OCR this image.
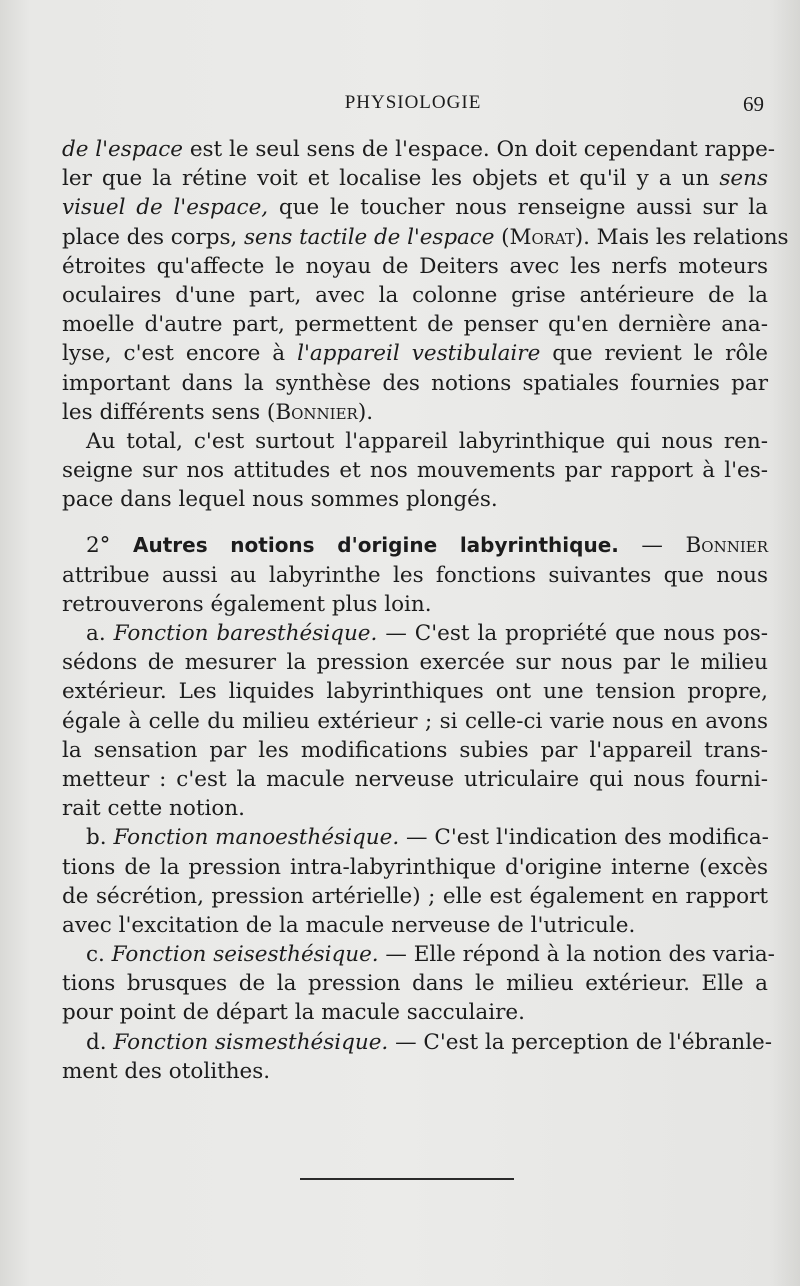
PHYSIOLOGIE	69
de l'espace est le seul sens de l'espace. On doit cependant rappe-
ler que la rétine voit et localise les objets et qu'il y a un sens
visuel de l'espace, que le toucher nous renseigne aussi sur la
place des corps, sens tactile de l'espace (Morat). Mais les relations
étroites qu'affecte le noyau de Deiters avec les nerfs moteurs
oculaires d'une part, avec la colonne grise antérieure de la
moelle d'autre part, permettent de penser qu'en dernière ana-
lyse, c'est encore à l'appareil vestibulaire que revient le rôle
important dans la synthèse des notions spatiales fournies par
les différents sens (Bonnier).
Au total, c'est surtout l'appareil labyrinthique qui nous ren-
seigne sur nos attitudes et nos mouvements par rapport à l'es-
pace dans lequel nous sommes plongés.
2° Autres notions d'origine labyrinthique. — Bonnier
attribue aussi au labyrinthe les fonctions suivantes que nous
retrouverons également plus loin.
a. Fonction baresthésique. — C'est la propriété que nous pos-
sédons de mesurer la pression exercée sur nous par le milieu
extérieur. Les liquides labyrinthiques ont une tension propre,
égale à celle du milieu extérieur ; si celle-ci varie nous en avons
la sensation par les modifications subies par l'appareil trans-
metteur : c'est la macule nerveuse utriculaire qui nous fourni-
rait cette notion.
b. Fonction manoesthésique. — C'est l'indication des modifica-
tions de la pression intra-labyrinthique d'origine interne (excès
de sécrétion, pression artérielle) ; elle est également en rapport
avec l'excitation de la macule nerveuse de l'utricule.
c. Fonction seisesthésique. — Elle répond à la notion des varia-
tions brusques de la pression dans le milieu extérieur. Elle a
pour point de départ la macule sacculaire.
d. Fonction sismesthésique. — C'est la perception de l'ébranle-
ment des otolithes.
